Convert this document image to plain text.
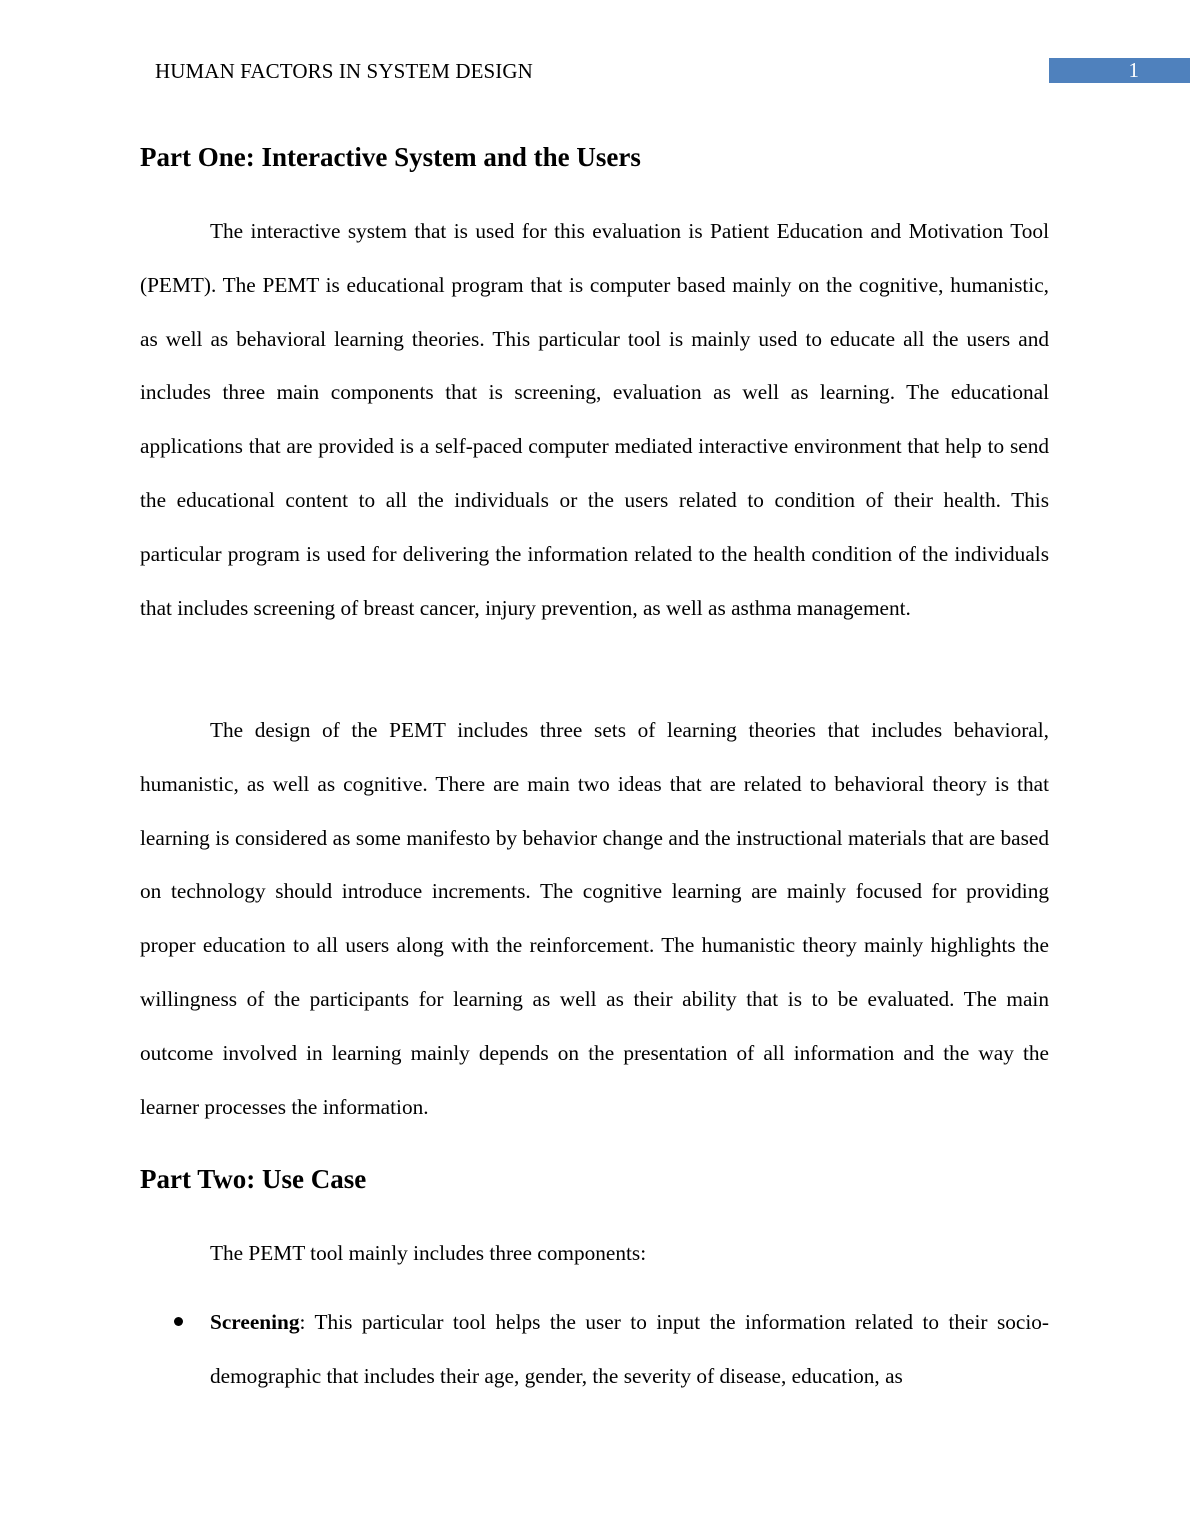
HUMAN FACTORS IN SYSTEM DESIGN	1
Part One: Interactive System and the Users

The interactive system that is used for this evaluation is Patient Education and Motivation Tool (PEMT). The PEMT is educational program that is computer based mainly on the cognitive, humanistic, as well as behavioral learning theories. This particular tool is mainly used to educate all the users and includes three main components that is screening, evaluation as well as learning. The educational applications that are provided is a self-paced computer mediated interactive environment that help to send the educational content to all the individuals or the users related to condition of their health. This particular program is used for delivering the information related to the health condition of the individuals that includes screening of breast cancer, injury prevention, as well as asthma management.

The design of the PEMT includes three sets of learning theories that includes behavioral, humanistic, as well as cognitive. There are main two ideas that are related to behavioral theory is that learning is considered as some manifesto by behavior change and the instructional materials that are based on technology should introduce increments. The cognitive learning are mainly focused for providing proper education to all users along with the reinforcement. The humanistic theory mainly highlights the willingness of the participants for learning as well as their ability that is to be evaluated. The main outcome involved in learning mainly depends on the presentation of all information and the way the learner processes the information.

Part Two: Use Case

The PEMT tool mainly includes three components:

Screening: This particular tool helps the user to input the information related to their socio-demographic that includes their age, gender, the severity of disease, education, as
